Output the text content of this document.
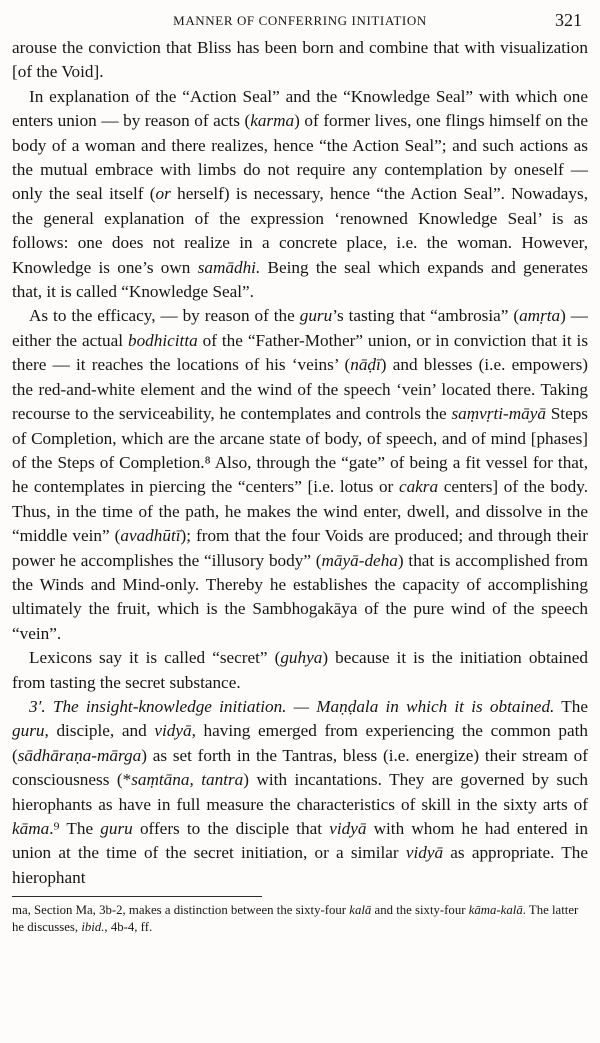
MANNER OF CONFERRING INITIATION	321

arouse the conviction that Bliss has been born and combine that with visualization [of the Void].

In explanation of the “Action Seal” and the “Knowledge Seal” with which one enters union — by reason of acts (karma) of former lives, one flings himself on the body of a woman and there realizes, hence “the Action Seal”; and such actions as the mutual embrace with limbs do not require any contemplation by oneself — only the seal itself (or herself) is necessary, hence “the Action Seal”. Nowadays, the general explanation of the expression ‘renowned Knowledge Seal’ is as follows: one does not realize in a concrete place, i.e. the woman. However, Knowledge is one’s own samādhi. Being the seal which expands and generates that, it is called “Knowledge Seal”.

As to the efficacy, — by reason of the guru’s tasting that “ambrosia” (amṛta) — either the actual bodhicitta of the “Father-Mother” union, or in conviction that it is there — it reaches the locations of his ‘veins’ (nāḍī) and blesses (i.e. empowers) the red-and-white element and the wind of the speech ‘vein’ located there. Taking recourse to the serviceability, he contemplates and controls the saṃvṛti-māyā Steps of Completion, which are the arcane state of body, of speech, and of mind [phases] of the Steps of Completion.⁸ Also, through the “gate” of being a fit vessel for that, he contemplates in piercing the “centers” [i.e. lotus or cakra centers] of the body. Thus, in the time of the path, he makes the wind enter, dwell, and dissolve in the “middle vein” (avadhūtī); from that the four Voids are produced; and through their power he accomplishes the “illusory body” (māyā-deha) that is accomplished from the Winds and Mind-only. Thereby he establishes the capacity of accomplishing ultimately the fruit, which is the Sambhogakāya of the pure wind of the speech “vein”.

Lexicons say it is called “secret” (guhya) because it is the initiation obtained from tasting the secret substance.

3′. The insight-knowledge initiation. — Maṇḍala in which it is obtained. The guru, disciple, and vidyā, having emerged from experiencing the common path (sādhāraṇa-mārga) as set forth in the Tantras, bless (i.e. energize) their stream of consciousness (*saṃtāna, tantra) with incantations. They are governed by such hierophants as have in full measure the characteristics of skill in the sixty arts of kāma.⁹ The guru offers to the disciple that vidyā with whom he had entered in union at the time of the secret initiation, or a similar vidyā as appropriate. The hierophant

ma, Section Ma, 3b-2, makes a distinction between the sixty-four kalā and the sixty-four kāma-kalā. The latter he discusses, ibid., 4b-4, ff.
